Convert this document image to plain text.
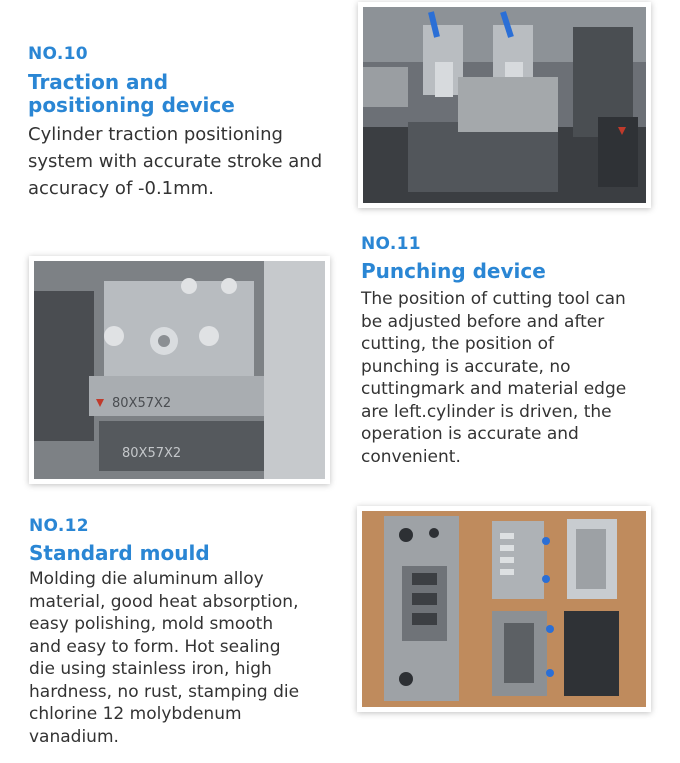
NO.10
Traction and
positioning device
Cylinder traction positioning
system with accurate stroke and
accuracy of -0.1mm.
80X57X2
80X57X2
NO.11
Punching device
The position of cutting tool can
be adjusted before and after
cutting, the position of
punching is accurate, no
cuttingmark and material edge
are left.cylinder is driven, the
operation is accurate and
convenient.
NO.12
Standard mould
Molding die aluminum alloy
material, good heat absorption,
easy polishing, mold smooth
and easy to form. Hot sealing
die using stainless iron, high
hardness, no rust, stamping die
chlorine 12 molybdenum
vanadium.
